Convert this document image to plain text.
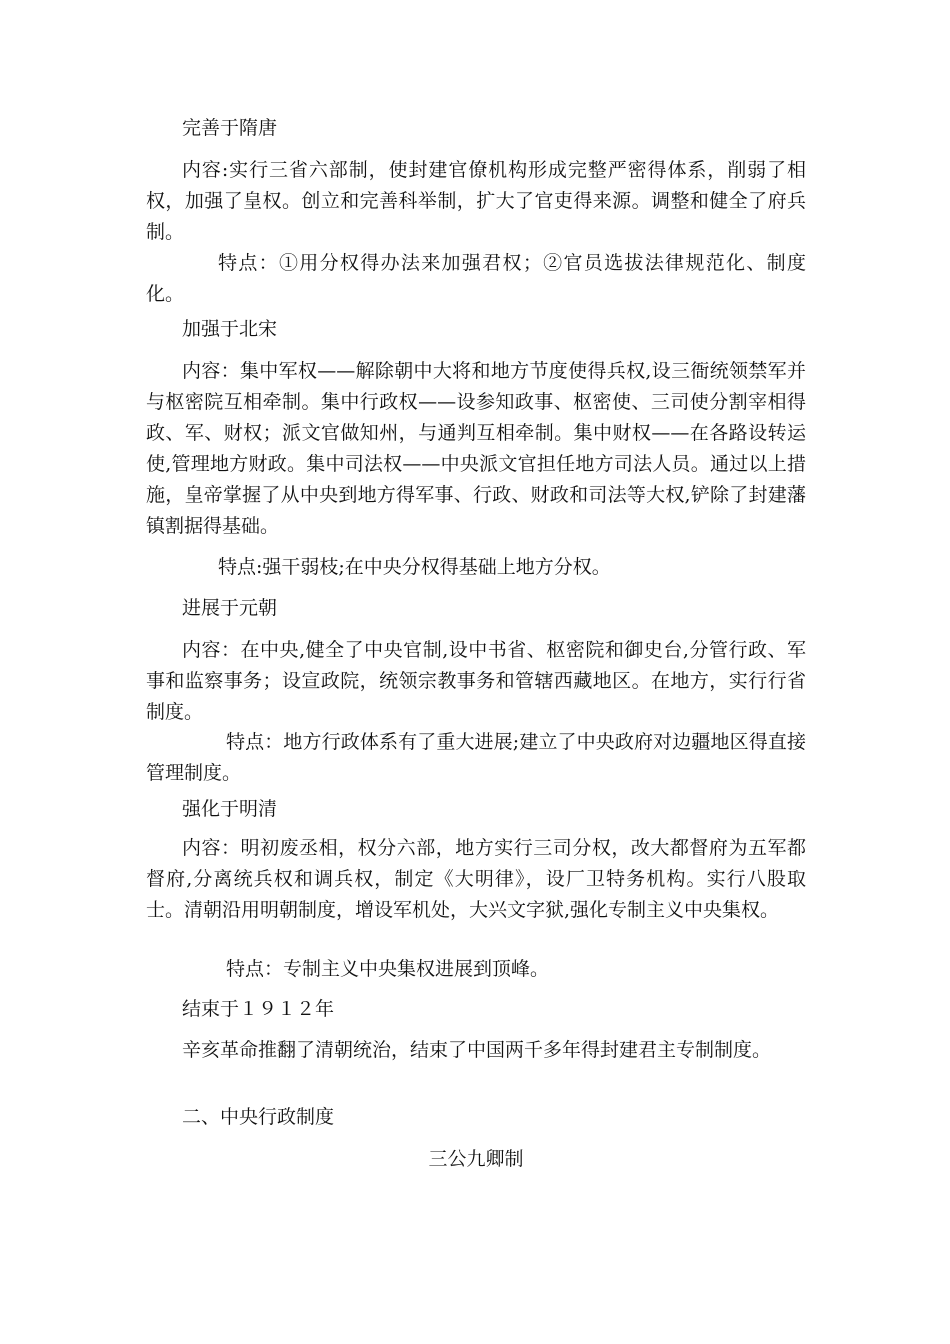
完善于隋唐

内容:实行三省六部制，使封建官僚机构形成完整严密得体系，削弱了相权，加强了皇权。创立和完善科举制，扩大了官吏得来源。调整和健全了府兵制。

特点：①用分权得办法来加强君权；②官员选拔法律规范化、制度化。

加强于北宋

内容：集中军权——解除朝中大将和地方节度使得兵权,设三衙统领禁军并与枢密院互相牵制。集中行政权——设参知政事、枢密使、三司使分割宰相得政、军、财权；派文官做知州，与通判互相牵制。集中财权——在各路设转运使,管理地方财政。集中司法权——中央派文官担任地方司法人员。通过以上措施，皇帝掌握了从中央到地方得军事、行政、财政和司法等大权,铲除了封建藩镇割据得基础。

特点:强干弱枝;在中央分权得基础上地方分权。

进展于元朝

内容：在中央,健全了中央官制,设中书省、枢密院和御史台,分管行政、军事和监察事务；设宣政院，统领宗教事务和管辖西藏地区。在地方，实行行省制度。

特点：地方行政体系有了重大进展;建立了中央政府对边疆地区得直接管理制度。

强化于明清

内容：明初废丞相，权分六部，地方实行三司分权，改大都督府为五军都督府,分离统兵权和调兵权，制定《大明律》，设厂卫特务机构。实行八股取士。清朝沿用明朝制度，增设军机处，大兴文字狱,强化专制主义中央集权。

特点：专制主义中央集权进展到顶峰。

结束于１９１２年

辛亥革命推翻了清朝统治，结束了中国两千多年得封建君主专制制度。

二、中央行政制度

三公九卿制
